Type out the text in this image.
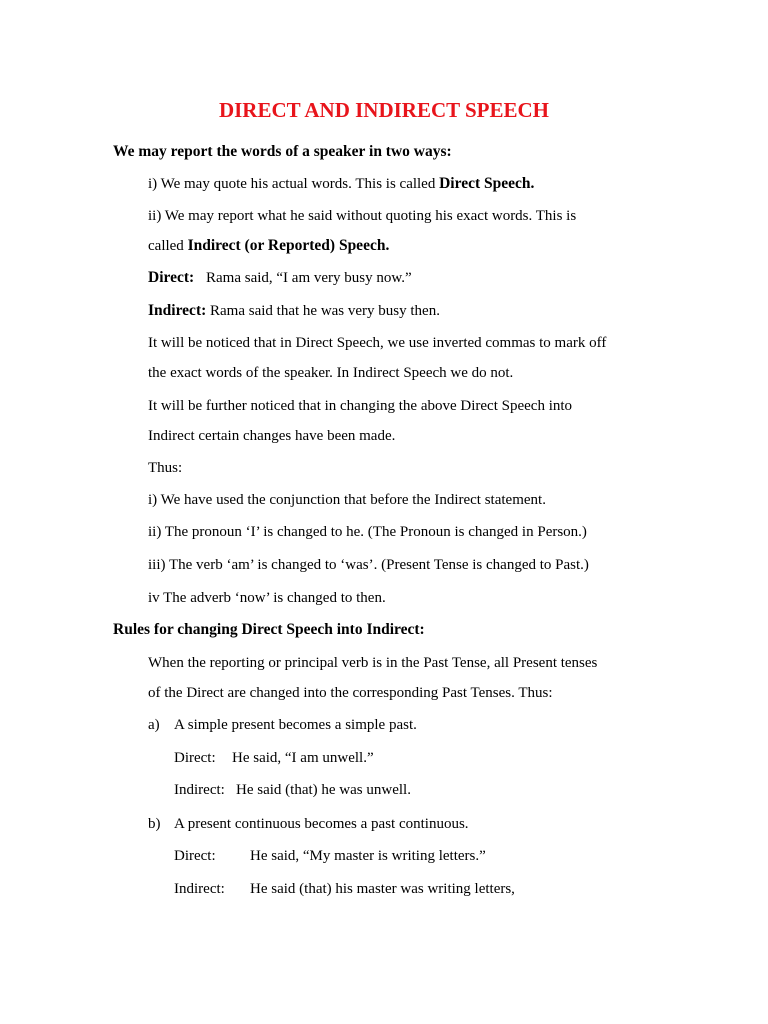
DIRECT AND INDIRECT SPEECH
We may report the words of a speaker in two ways:
i) We may quote his actual words. This is called Direct Speech.
ii) We may report what he said without quoting his exact words. This is
called Indirect (or Reported) Speech.
Direct: Rama said, “I am very busy now.”
Indirect: Rama said that he was very busy then.
It will be noticed that in Direct Speech, we use inverted commas to mark off
the exact words of the speaker. In Indirect Speech we do not.
It will be further noticed that in changing the above Direct Speech into
Indirect certain changes have been made.
Thus:
i) We have used the conjunction that before the Indirect statement.
ii) The pronoun ‘I’ is changed to he. (The Pronoun is changed in Person.)
iii) The verb ‘am’ is changed to ‘was’. (Present Tense is changed to Past.)
iv The adverb ‘now’ is changed to then.
Rules for changing Direct Speech into Indirect:
When the reporting or principal verb is in the Past Tense, all Present tenses
of the Direct are changed into the corresponding Past Tenses. Thus:
a) A simple present becomes a simple past.
Direct: He said, “I am unwell.”
Indirect: He said (that) he was unwell.
b) A present continuous becomes a past continuous.
Direct: He said, “My master is writing letters.”
Indirect: He said (that) his master was writing letters,
